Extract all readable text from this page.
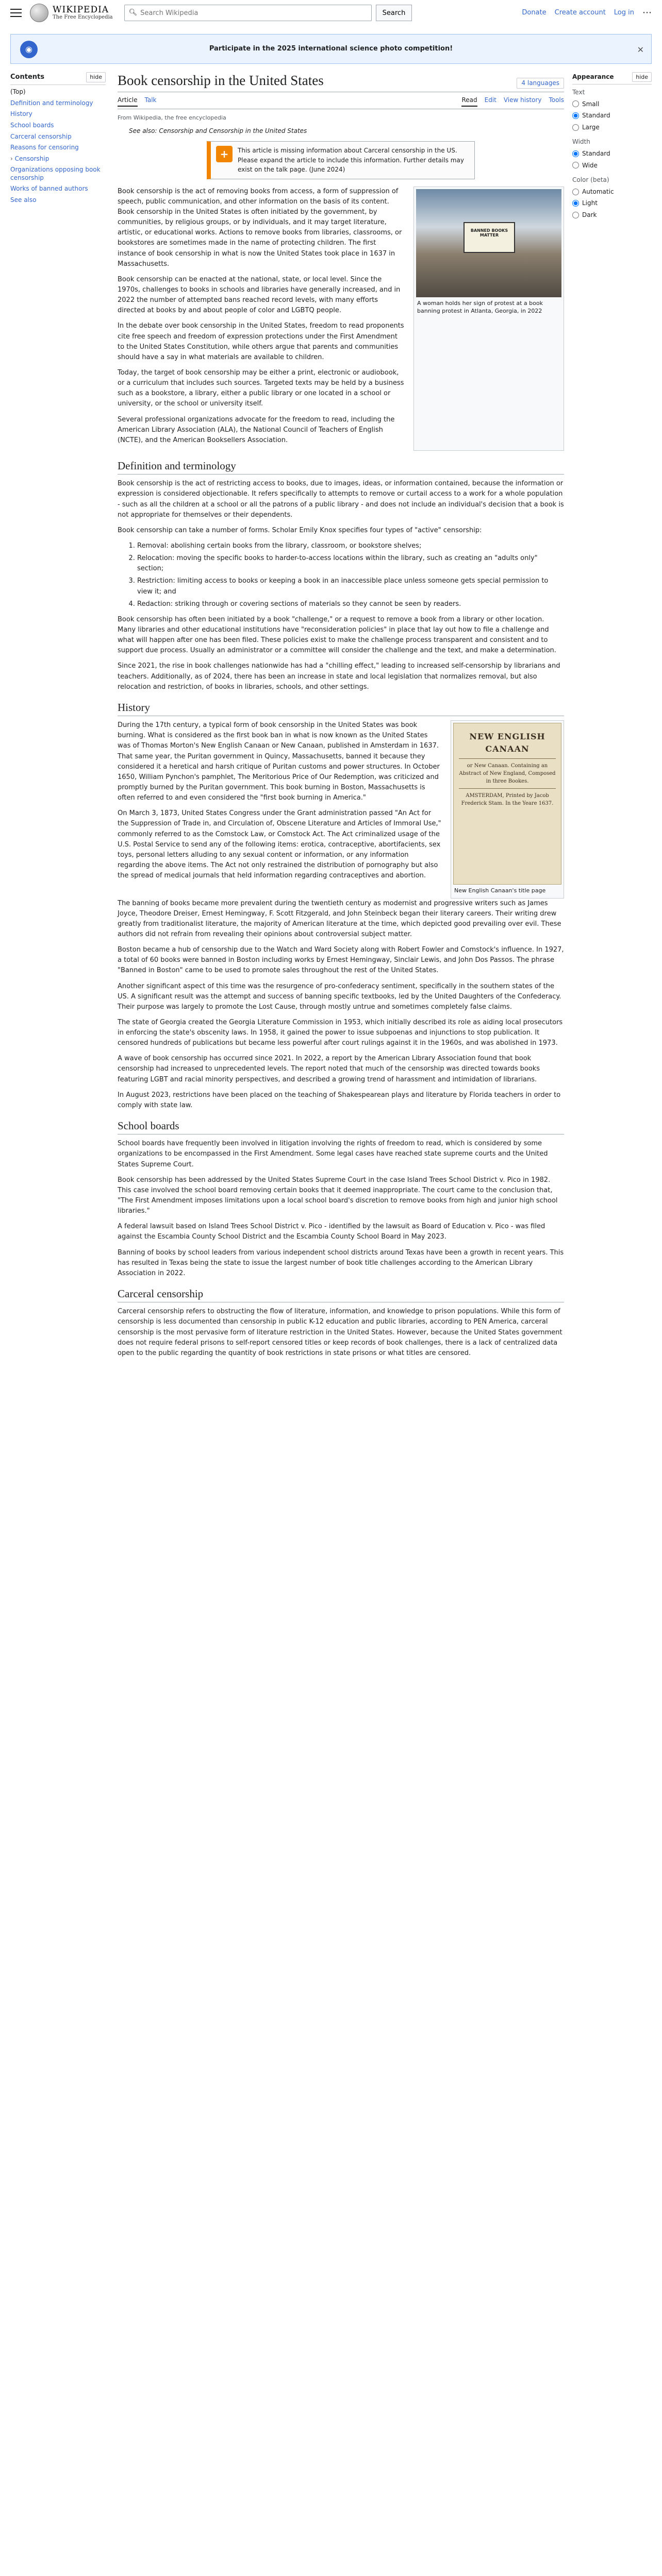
WIKIPEDIA
The Free Encyclopedia
🔍︎
Search Wikipedia	Search	Donate Create account Log in ⋯
◉	Participate in the 2025 international science photo competition!	✕
Contents	hide
(Top)
Definition and terminology
History
School boards
Carceral censorship
Reasons for censoring
› Censorship
Organizations opposing book censorship
Works of banned authors
See also
Book censorship in the United States	4 languages
Article Talk	Read Edit View history Tools
From Wikipedia, the free encyclopedia
See also: Censorship and Censorship in the United States
+	This article is missing information about Carceral censorship in the US. Please expand the article to include this information. Further details may exist on the talk page. (June 2024)

Book censorship is the act of removing books from access, a form of suppression of speech, public communication, and other information on the basis of its content. Book censorship in the United States is often initiated by the government, by communities, by religious groups, or by individuals, and it may target literature, artistic, or educational works. Actions to remove books from libraries, classrooms, or bookstores are sometimes made in the name of protecting children. The first instance of book censorship in what is now the United States took place in 1637 in Massachusetts.

Book censorship can be enacted at the national, state, or local level. Since the 1970s, challenges to books in schools and libraries have generally increased, and in 2022 the number of attempted bans reached record levels, with many efforts directed at books by and about people of color and LGBTQ people.

In the debate over book censorship in the United States, freedom to read proponents cite free speech and freedom of expression protections under the First Amendment to the United States Constitution, while others argue that parents and communities should have a say in what materials are available to children.

Today, the target of book censorship may be either a print, electronic or audiobook, or a curriculum that includes such sources. Targeted texts may be held by a business such as a bookstore, a library, either a public library or one located in a school or university, or the school or university itself.

Several professional organizations advocate for the freedom to read, including the American Library Association (ALA), the National Council of Teachers of English (NCTE), and the American Booksellers Association.

BANNED BOOKS MATTER
A woman holds her sign of protest at a book banning protest in Atlanta, Georgia, in 2022
Definition and terminology

Book censorship is the act of restricting access to books, due to images, ideas, or information contained, because the information or expression is considered objectionable. It refers specifically to attempts to remove or curtail access to a work for a whole population - such as all the children at a school or all the patrons of a public library - and does not include an individual's decision that a book is not appropriate for themselves or their dependents.

Book censorship can take a number of forms. Scholar Emily Knox specifies four types of "active" censorship:

1. Removal: abolishing certain books from the library, classroom, or bookstore shelves;
2. Relocation: moving the specific books to harder-to-access locations within the library, such as creating an "adults only" section;
3. Restriction: limiting access to books or keeping a book in an inaccessible place unless someone gets special permission to view it; and
4. Redaction: striking through or covering sections of materials so they cannot be seen by readers.

Book censorship has often been initiated by a book "challenge," or a request to remove a book from a library or other location. Many libraries and other educational institutions have "reconsideration policies" in place that lay out how to file a challenge and what will happen after one has been filed. These policies exist to make the challenge process transparent and consistent and to support due process. Usually an administrator or a committee will consider the challenge and the text, and make a determination.

Since 2021, the rise in book challenges nationwide has had a "chilling effect," leading to increased self-censorship by librarians and teachers. Additionally, as of 2024, there has been an increase in state and local legislation that normalizes removal, but also relocation and restriction, of books in libraries, schools, and other settings.

History

During the 17th century, a typical form of book censorship in the United States was book burning. What is considered as the first book ban in what is now known as the United States was of Thomas Morton's New English Canaan or New Canaan, published in Amsterdam in 1637. That same year, the Puritan government in Quincy, Massachusetts, banned it because they considered it a heretical and harsh critique of Puritan customs and power structures. In October 1650, William Pynchon's pamphlet, The Meritorious Price of Our Redemption, was criticized and promptly burned by the Puritan government. This book burning in Boston, Massachusetts is often referred to and even considered the "first book burning in America."

On March 3, 1873, United States Congress under the Grant administration passed "An Act for the Suppression of Trade in, and Circulation of, Obscene Literature and Articles of Immoral Use," commonly referred to as the Comstock Law, or Comstock Act. The Act criminalized usage of the U.S. Postal Service to send any of the following items: erotica, contraceptive, abortifacients, sex toys, personal letters alluding to any sexual content or information, or any information regarding the above items. The Act not only restrained the distribution of pornography but also the spread of medical journals that held information regarding contraceptives and abortion.

NEW ENGLISH CANAAN
or New Canaan. Containing an Abstract of New England, Composed in three Bookes.
AMSTERDAM, Printed by Jacob Frederick Stam. In the Yeare 1637.
New English Canaan's title page

The banning of books became more prevalent during the twentieth century as modernist and progressive writers such as James Joyce, Theodore Dreiser, Ernest Hemingway, F. Scott Fitzgerald, and John Steinbeck began their literary careers. Their writing drew greatly from traditionalist literature, the majority of American literature at the time, which depicted good prevailing over evil. These authors did not refrain from revealing their opinions about controversial subject matter.

Boston became a hub of censorship due to the Watch and Ward Society along with Robert Fowler and Comstock's influence. In 1927, a total of 60 books were banned in Boston including works by Ernest Hemingway, Sinclair Lewis, and John Dos Passos. The phrase "Banned in Boston" came to be used to promote sales throughout the rest of the United States.

Another significant aspect of this time was the resurgence of pro-confederacy sentiment, specifically in the southern states of the US. A significant result was the attempt and success of banning specific textbooks, led by the United Daughters of the Confederacy. Their purpose was largely to promote the Lost Cause, through mostly untrue and sometimes completely false claims.

The state of Georgia created the Georgia Literature Commission in 1953, which initially described its role as aiding local prosecutors in enforcing the state's obscenity laws. In 1958, it gained the power to issue subpoenas and injunctions to stop publication. It censored hundreds of publications but became less powerful after court rulings against it in the 1960s, and was abolished in 1973.

A wave of book censorship has occurred since 2021. In 2022, a report by the American Library Association found that book censorship had increased to unprecedented levels. The report noted that much of the censorship was directed towards books featuring LGBT and racial minority perspectives, and described a growing trend of harassment and intimidation of librarians.

In August 2023, restrictions have been placed on the teaching of Shakespearean plays and literature by Florida teachers in order to comply with state law.

School boards

School boards have frequently been involved in litigation involving the rights of freedom to read, which is considered by some organizations to be encompassed in the First Amendment. Some legal cases have reached state supreme courts and the United States Supreme Court.

Book censorship has been addressed by the United States Supreme Court in the case Island Trees School District v. Pico in 1982. This case involved the school board removing certain books that it deemed inappropriate. The court came to the conclusion that, "The First Amendment imposes limitations upon a local school board's discretion to remove books from high and junior high school libraries."

A federal lawsuit based on Island Trees School District v. Pico - identified by the lawsuit as Board of Education v. Pico - was filed against the Escambia County School District and the Escambia County School Board in May 2023.

Banning of books by school leaders from various independent school districts around Texas have been a growth in recent years. This has resulted in Texas being the state to issue the largest number of book title challenges according to the American Library Association in 2022.

Carceral censorship

Carceral censorship refers to obstructing the flow of literature, information, and knowledge to prison populations. While this form of censorship is less documented than censorship in public K-12 education and public libraries, according to PEN America, carceral censorship is the most pervasive form of literature restriction in the United States. However, because the United States government does not require federal prisons to self-report censored titles or keep records of book challenges, there is a lack of centralized data open to the public regarding the quantity of book restrictions in state prisons or what titles are censored.

Appearance	hide
Text
Small
Standard
Large
Width
Standard
Wide
Color (beta)
Automatic
Light
Dark
